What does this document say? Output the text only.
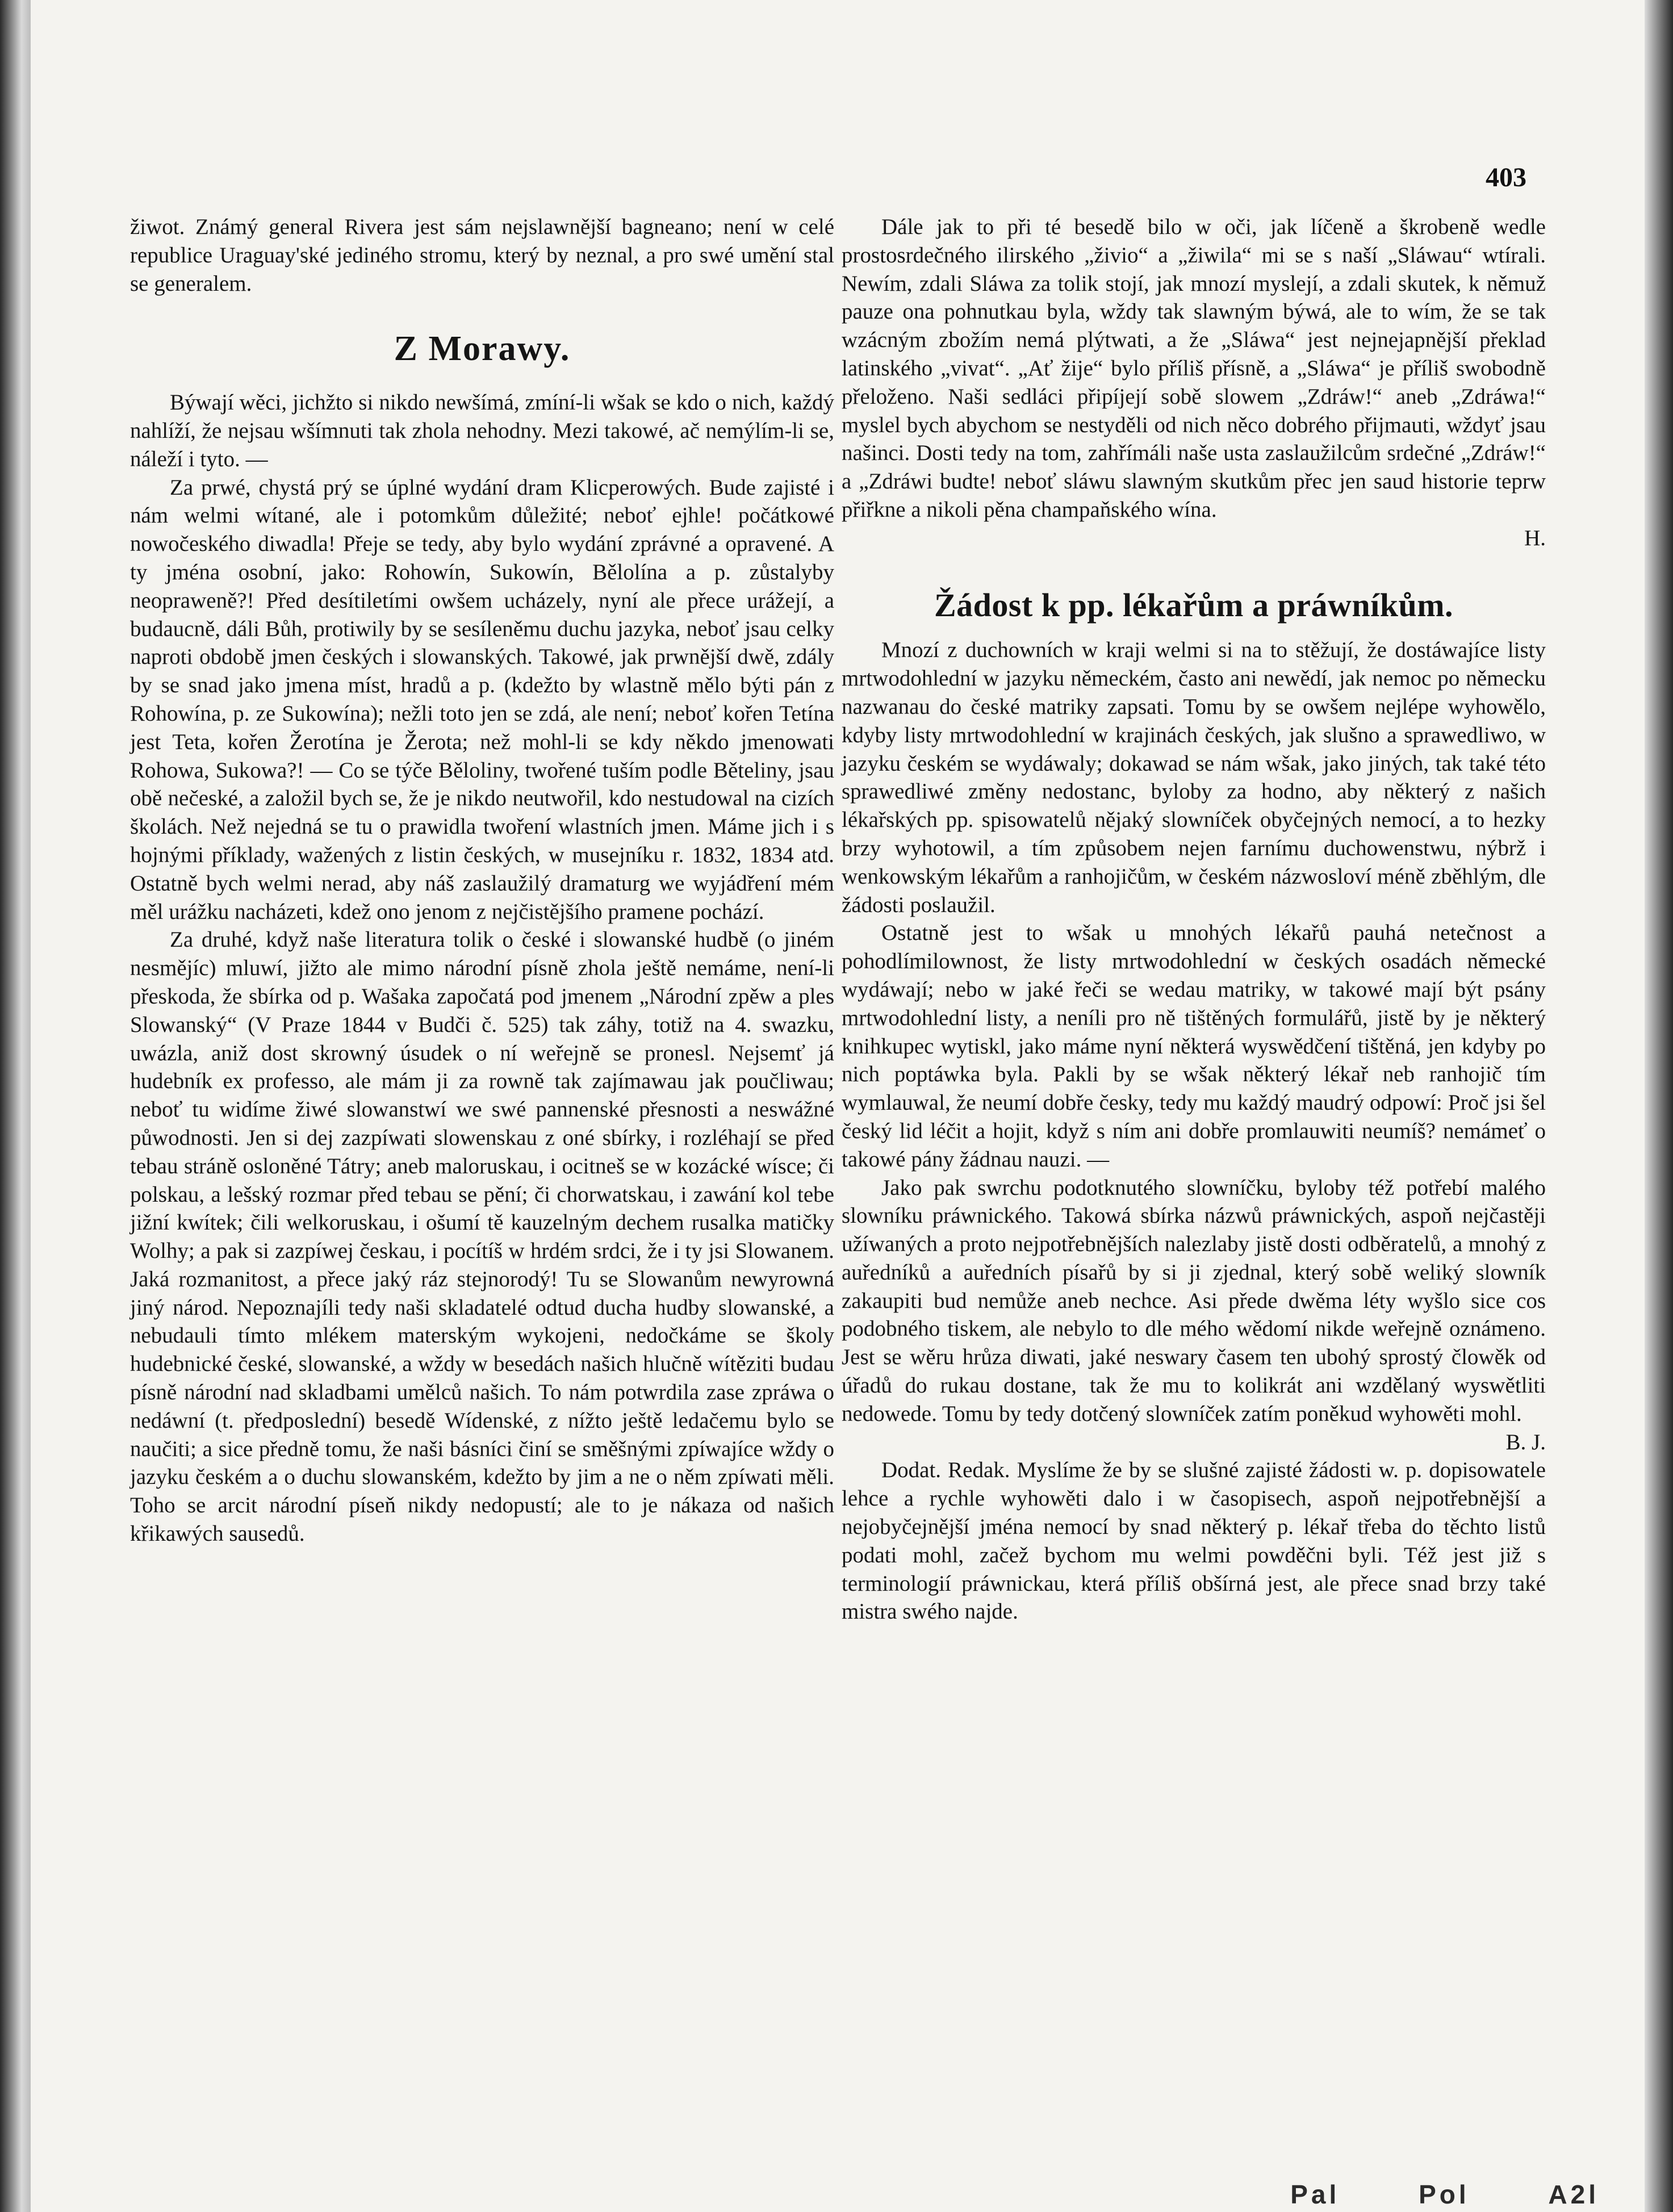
403

žiwot. Známý general Rivera jest sám nejslawnější bagneano; není w celé republice Uraguay'ské jediného stromu, který by neznal, a pro swé umění stal se generalem.

Z Morawy.

Býwají wěci, jichžto si nikdo newšímá, zmíní-li wšak se kdo o nich, každý nahlíží, že nejsau wšímnuti tak zhola nehodny. Mezi takowé, ač nemýlím-li se, náleží i tyto. —

Za prwé, chystá prý se úplné wydání dram Klicperowých. Bude zajisté i nám welmi wítané, ale i potomkům důležité; neboť ejhle! počátkowé nowočeského diwadla! Přeje se tedy, aby bylo wydání zprávné a opravené. A ty jména osobní, jako: Rohowín, Sukowín, Bělolína a p. zůstalyby neopraweně?! Před desítiletími owšem ucházely, nyní ale přece urážejí, a budaucně, dáli Bůh, protiwily by se sesíleněmu duchu jazyka, neboť jsau celky naproti obdobě jmen českých i slowanských. Takowé, jak prwnější dwě, zdály by se snad jako jmena míst, hradů a p. (kdežto by wlastně mělo býti pán z Rohowína, p. ze Sukowína); nežli toto jen se zdá, ale není; neboť kořen Tetína jest Teta, kořen Žerotína je Žerota; než mohl-li se kdy někdo jmenowati Rohowa, Sukowa?! — Co se týče Běloliny, twořené tuším podle Běteliny, jsau obě nečeské, a založil bych se, že je nikdo neutwořil, kdo nestudowal na cizích školách. Než nejedná se tu o prawidla twoření wlastních jmen. Máme jich i s hojnými příklady, wažených z listin českých, w musejníku r. 1832, 1834 atd. Ostatně bych welmi nerad, aby náš zaslaužilý dramaturg we wyjádření mém měl urážku nacházeti, kdež ono jenom z nejčistějšího pramene pochází.

Za druhé, když naše literatura tolik o české i slowanské hudbě (o jiném nesmějíc) mluwí, jižto ale mimo národní písně zhola ještě nemáme, není-li přeskoda, že sbírka od p. Wašaka započatá pod jmenem „Národní zpěw a ples Slowanský“ (V Praze 1844 v Budči č. 525) tak záhy, totiž na 4. swazku, uwázla, aniž dost skrowný úsudek o ní weřejně se pronesl. Nejsemť já hudebník ex professo, ale mám ji za rowně tak zajímawau jak poučliwau; neboť tu widíme žiwé slowanstwí we swé pannenské přesnosti a neswážné půwodnosti. Jen si dej zazpíwati slowenskau z oné sbírky, i rozléhají se před tebau stráně osloněné Tátry; aneb maloruskau, i ocitneš se w kozácké wísce; či polskau, a lešský rozmar před tebau se pění; či chorwatskau, i zawání kol tebe jižní kwítek; čili welkoruskau, i ošumí tě kauzelným dechem rusalka matičky Wolhy; a pak si zazpíwej českau, i pocítíš w hrdém srdci, že i ty jsi Slowanem. Jaká rozmanitost, a přece jaký ráz stejnorodý! Tu se Slowanům newyrowná jiný národ. Nepoznajíli tedy naši skladatelé odtud ducha hudby slowanské, a nebudauli tímto mlékem materským wykojeni, nedočkáme se školy hudebnické české, slowanské, a wždy w besedách našich hlučně wítěziti budau písně národní nad skladbami umělců našich. To nám potwrdila zase zpráwa o nedáwní (t. předposlední) besedě Wídenské, z nížto ještě ledačemu bylo se naučiti; a sice předně tomu, že naši básníci činí se směšnými zpíwajíce wždy o jazyku českém a o duchu slowanském, kdežto by jim a ne o něm zpíwati měli. Toho se arcit národní píseň nikdy nedopustí; ale to je nákaza od našich křikawých sausedů.

Dále jak to při té besedě bilo w oči, jak líčeně a škrobeně wedle prostosrdečného ilirského „živio“ a „žiwila“ mi se s naší „Sláwau“ wtírali. Newím, zdali Sláwa za tolik stojí, jak mnozí myslejí, a zdali skutek, k němuž pauze ona pohnutkau byla, wždy tak slawným býwá, ale to wím, že se tak wzácným zbožím nemá plýtwati, a že „Sláwa“ jest nejnejapnější překlad latinského „vivat“. „Ať žije“ bylo příliš přísně, a „Sláwa“ je příliš swobodně přeloženo. Naši sedláci připíjejí sobě slowem „Zdráw!“ aneb „Zdráwa!“ myslel bych abychom se nestyděli od nich něco dobrého přijmauti, wždyť jsau našinci. Dosti tedy na tom, zahřímáli naše usta zaslaužilcům srdečné „Zdráw!“ a „Zdráwi budte! neboť sláwu slawným skutkům přec jen saud historie teprw přiřkne a nikoli pěna champaňského wína.

H.

Žádost k pp. lékařům a práwníkům.

Mnozí z duchowních w kraji welmi si na to stěžují, že dostáwajíce listy mrtwodohlední w jazyku německém, často ani newědí, jak nemoc po německu nazwanau do české matriky zapsati. Tomu by se owšem nejlépe wyhowělo, kdyby listy mrtwodohlední w krajinách českých, jak slušno a sprawedliwo, w jazyku českém se wydáwaly; dokawad se nám wšak, jako jiných, tak také této sprawedliwé změny nedostanc, byloby za hodno, aby některý z našich lékařských pp. spisowatelů nějaký slowníček obyčejných nemocí, a to hezky brzy wyhotowil, a tím způsobem nejen farnímu duchowenstwu, nýbrž i wenkowským lékařům a ranhojičům, w českém názwosloví méně zběhlým, dle žádosti poslaužil.

Ostatně jest to wšak u mnohých lékařů pauhá netečnost a pohodlímilownost, že listy mrtwodohlední w českých osadách německé wydáwají; nebo w jaké řeči se wedau matriky, w takowé mají být psány mrtwodohlední listy, a neníli pro ně tištěných formulářů, jistě by je některý knihkupec wytiskl, jako máme nyní některá wyswědčení tištěná, jen kdyby po nich poptáwka byla. Pakli by se wšak některý lékař neb ranhojič tím wymlauwal, že neumí dobře česky, tedy mu každý maudrý odpowí: Proč jsi šel český lid léčit a hojit, když s ním ani dobře promlauwiti neumíš? nemámeť o takowé pány žádnau nauzi. —

Jako pak swrchu podotknutého slowníčku, byloby též potřebí malého slowníku práwnického. Takowá sbírka názwů práwnických, aspoň nejčastěji užíwaných a proto nejpotřebnějších nalezlaby jistě dosti odběratelů, a mnohý z auředníků a auředních písařů by si ji zjednal, který sobě weliký slowník zakaupiti bud nemůže aneb nechce. Asi přede dwěma léty wyšlo sice cos podobného tiskem, ale nebylo to dle mého wědomí nikde weřejně oznámeno. Jest se wěru hrůza diwati, jaké neswary časem ten ubohý sprostý člowěk od úřadů do rukau dostane, tak že mu to kolikrát ani wzdělaný wyswětliti nedowede. Tomu by tedy dotčený slowníček zatím poněkud wyhowěti mohl.

B. J.

Dodat. Redak. Myslíme že by se slušné zajisté žádosti w. p. dopisowatele lehce a rychle wyhowěti dalo i w časopisech, aspoň nejpotřebnější a nejobyčejnější jména nemocí by snad některý p. lékař třeba do těchto listů podati mohl, začež bychom mu welmi powděčni byli. Též jest již s terminologií práwnickau, která příliš obšírná jest, ale přece snad brzy také mistra swého najde.

Pal	Pol	A2l
